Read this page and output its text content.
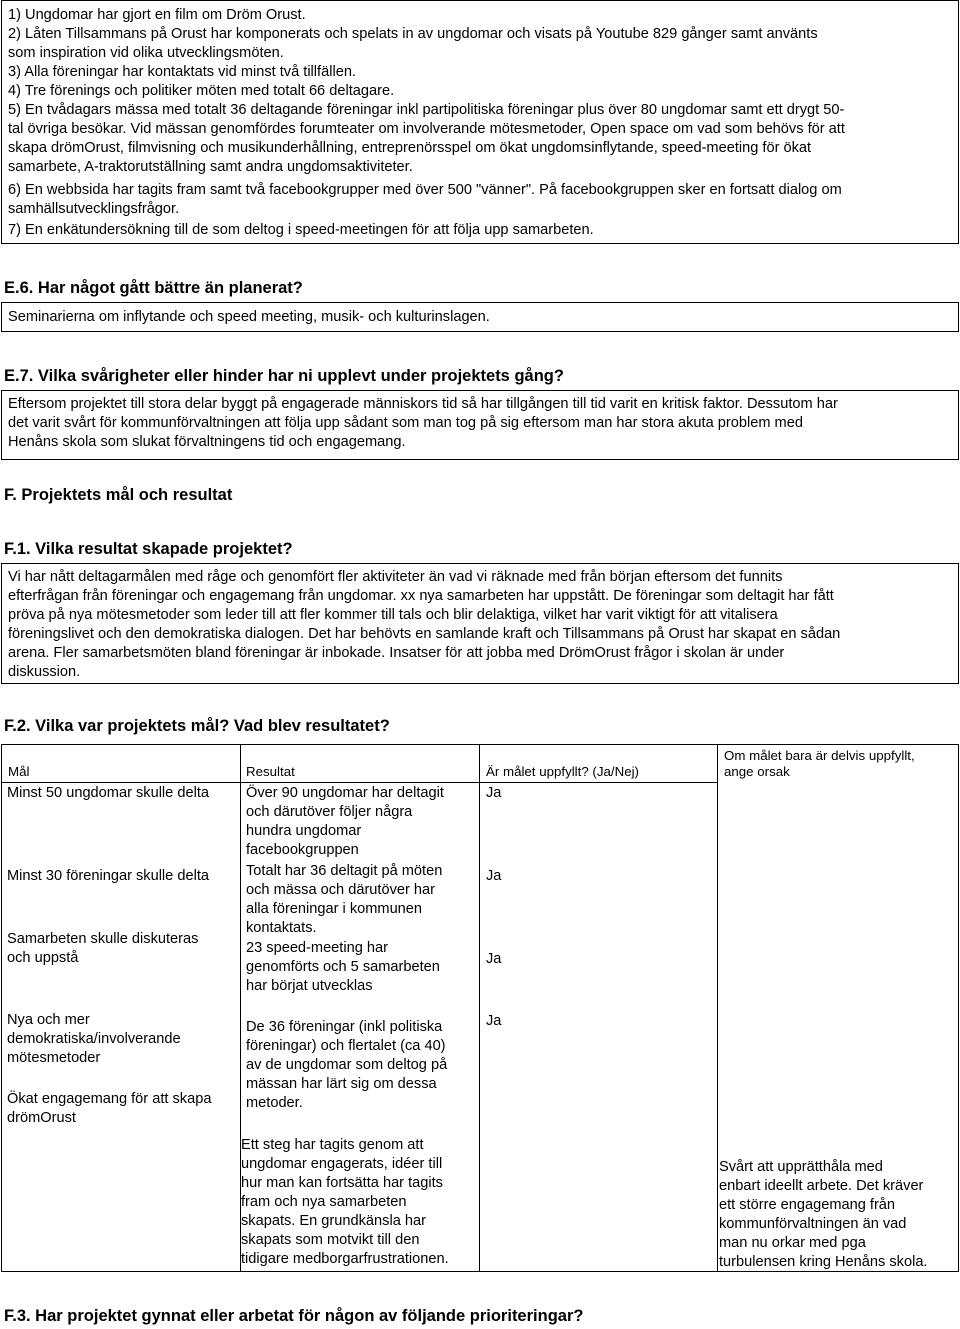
1) Ungdomar har gjort en film om Dröm Orust.
2) Låten Tillsammans på Orust har komponerats och spelats in av ungdomar och visats på Youtube 829 gånger samt använts
som inspiration vid olika utvecklingsmöten.
3) Alla föreningar har kontaktats vid minst två tillfällen.
4) Tre förenings och politiker möten med totalt 66 deltagare.
5) En tvådagars mässa med totalt 36 deltagande föreningar inkl partipolitiska föreningar plus över 80 ungdomar samt ett drygt 50-
tal övriga besökar. Vid mässan genomfördes forumteater om involverande mötesmetoder, Open space om vad som behövs för att
skapa drömOrust, filmvisning och musikunderhållning, entreprenörsspel om ökat ungdomsinflytande, speed-meeting för ökat
samarbete, A-traktorutställning samt andra ungdomsaktiviteter.
6) En webbsida har tagits fram samt två facebookgrupper med över 500 "vänner". På facebookgruppen sker en fortsatt dialog om
samhällsutvecklingsfrågor.
7) En enkätundersökning till de som deltog i speed-meetingen för att följa upp samarbeten.
E.6. Har något gått bättre än planerat?
Seminarierna om inflytande och speed meeting, musik- och kulturinslagen.
E.7. Vilka svårigheter eller hinder har ni upplevt under projektets gång?
Eftersom projektet till stora delar byggt på engagerade människors tid så har tillgången till tid varit en kritisk faktor. Dessutom har
det varit svårt för kommunförvaltningen att följa upp sådant som man tog på sig eftersom man har stora akuta problem med
Henåns skola som slukat förvaltningens tid och engagemang.
F. Projektets mål och resultat
F.1. Vilka resultat skapade projektet?
Vi har nått deltagarmålen med råge och genomfört fler aktiviteter än vad vi räknade med från början eftersom det funnits
efterfrågan från föreningar och engagemang från ungdomar. xx nya samarbeten har uppstått. De föreningar som deltagit har fått
pröva på nya mötesmetoder som leder till att fler kommer till tals och blir delaktiga, vilket har varit viktigt för att vitalisera
föreningslivet och den demokratiska dialogen. Det har behövts en samlande kraft och Tillsammans på Orust har skapat en sådan
arena. Fler samarbetsmöten bland föreningar är inbokade. Insatser för att jobba med DrömOrust frågor i skolan är under
diskussion.
F.2. Vilka var projektets mål? Vad blev resultatet?
Mål	Resultat	Är målet uppfyllt? (Ja/Nej)
Om målet bara är delvis uppfyllt,
ange orsak
Minst 50 ungdomar skulle delta
Minst 30 föreningar skulle delta
Samarbeten skulle diskuteras
och uppstå
Nya och mer
demokratiska/involverande
mötesmetoder
Ökat engagemang för att skapa
drömOrust
Över 90 ungdomar har deltagit
och därutöver följer några
hundra ungdomar
facebookgruppen
Totalt har 36 deltagit på möten
och mässa och därutöver har
alla föreningar i kommunen
kontaktats.
23 speed-meeting har
genomförts och 5 samarbeten
har börjat utvecklas
De 36 föreningar (inkl politiska
föreningar) och flertalet (ca 40)
av de ungdomar som deltog på
mässan har lärt sig om dessa
metoder.
Ett steg har tagits genom att
ungdomar engagerats, idéer till
hur man kan fortsätta har tagits
fram och nya samarbeten
skapats. En grundkänsla har
skapats som motvikt till den
tidigare medborgarfrustrationen.
Ja
Ja
Ja
Ja
Svårt att upprätthåla med
enbart ideellt arbete. Det kräver
ett större engagemang från
kommunförvaltningen än vad
man nu orkar med pga
turbulensen kring Henåns skola.
F.3. Har projektet gynnat eller arbetat för någon av följande prioriteringar?
